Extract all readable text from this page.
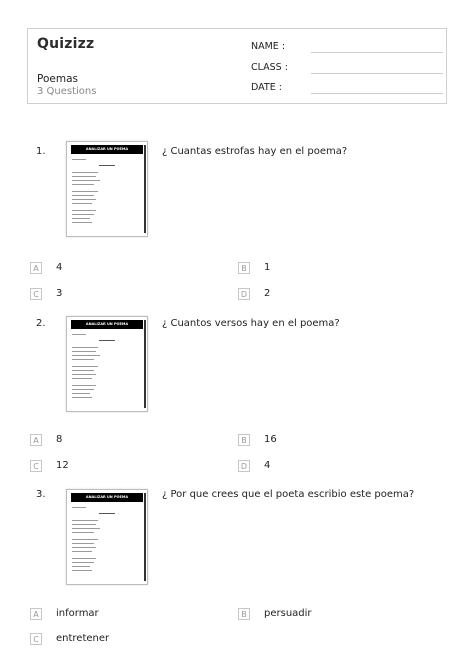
Quizizz
Poemas
3 Questions
NAME :
CLASS :
DATE :
1.	ANALIZAR UN POEMA	¿ Cuantas estrofas hay en el poema?
A	4	B	1
C	3	D 2
2.	ANALIZAR UN POEMA	¿ Cuantos versos hay en el poema?
A	8	B	16
C	12	D 4
3.	ANALIZAR UN POEMA	¿ Por que crees que el poeta escribio este poema?
A	informar	B	persuadir
C	entretener
